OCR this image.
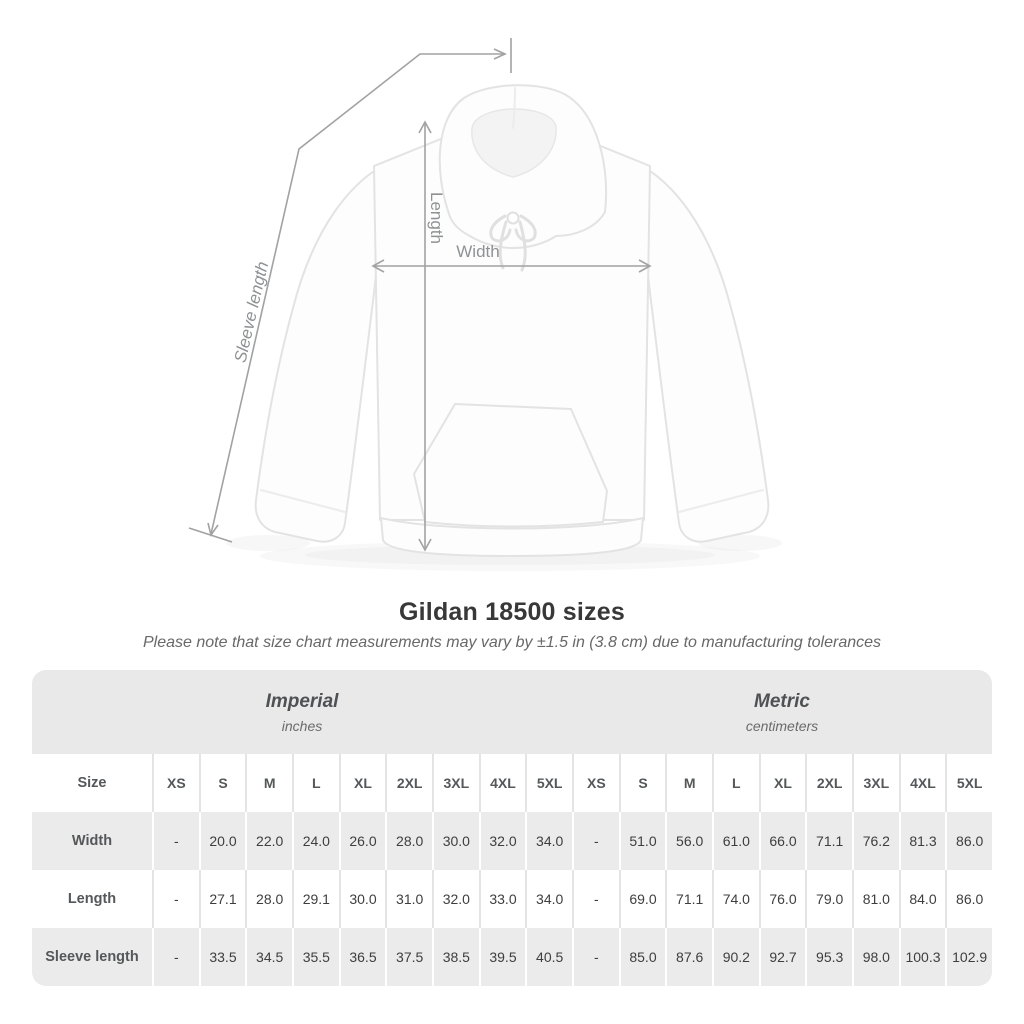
Width
Length
Sleeve length
Gildan 18500 sizes
Please note that size chart measurements may vary by ±1.5 in (3.8 cm) due to manufacturing tolerances
Imperial
inches
Metric
centimeters
Size	XS	S	M	L	XL	2XL	3XL	4XL	5XL	XS	S	M	L	XL	2XL	3XL	4XL	5XL
Width	-	20.0	22.0	24.0	26.0	28.0	30.0	32.0	34.0	-	51.0	56.0	61.0	66.0	71.1	76.2	81.3	86.0
Length	-	27.1	28.0	29.1	30.0	31.0	32.0	33.0	34.0	-	69.0	71.1	74.0	76.0	79.0	81.0	84.0	86.0
Sleeve length	-	33.5	34.5	35.5	36.5	37.5	38.5	39.5	40.5	-	85.0	87.6	90.2	92.7	95.3	98.0	100.3 102.9
